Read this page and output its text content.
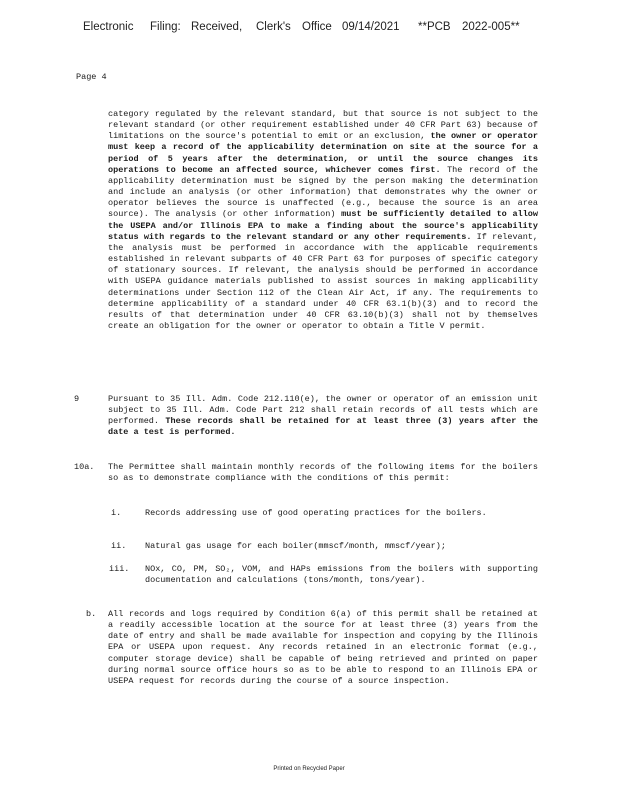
Electronic Filing: Received, Clerk's Office 09/14/2021 **PCB 2022-005**
Page 4

category regulated by the relevant standard, but that source is not subject to the relevant standard (or other requirement established under 40 CFR Part 63) because of limitations on the source's potential to emit or an exclusion, the owner or operator must keep a record of the applicability determination on site at the source for a period of 5 years after the determination, or until the source changes its operations to become an affected source, whichever comes first. The record of the applicability determination must be signed by the person making the determination and include an analysis (or other information) that demonstrates why the owner or operator believes the source is unaffected (e.g., because the source is an area source). The analysis (or other information) must be sufficiently detailed to allow the USEPA and/or Illinois EPA to make a finding about the source's applicability status with regards to the relevant standard or any other requirements. If relevant, the analysis must be performed in accordance with the applicable requirements established in relevant subparts of 40 CFR Part 63 for purposes of specific category of stationary sources. If relevant, the analysis should be performed in accordance with USEPA guidance materials published to assist sources in making applicability determinations under Section 112 of the Clean Air Act, if any. The requirements to determine applicability of a standard under 40 CFR 63.1(b)(3) and to record the results of that determination under 40 CFR 63.10(b)(3) shall not by themselves create an obligation for the owner or operator to obtain a Title V permit.

9	Pursuant to 35 Ill. Adm. Code 212.110(e), the owner or operator of an emission unit subject to 35 Ill. Adm. Code Part 212 shall retain records of all tests which are performed. These records shall be retained for at least three (3) years after the date a test is performed.

10a. The Permittee shall maintain monthly records of the following items for the boilers so as to demonstrate compliance with the conditions of this permit:

i.	Records addressing use of good operating practices for the boilers.

ii. Natural gas usage for each boiler(mmscf/month, mmscf/year);

iii. NOx, CO, PM, SO₂, VOM, and HAPs emissions from the boilers with supporting documentation and calculations (tons/month, tons/year).

b. All records and logs required by Condition 6(a) of this permit shall be retained at a readily accessible location at the source for at least three (3) years from the date of entry and shall be made available for inspection and copying by the Illinois EPA or USEPA upon request. Any records retained in an electronic format (e.g., computer storage device) shall be capable of being retrieved and printed on paper during normal source office hours so as to be able to respond to an Illinois EPA or USEPA request for records during the course of a source inspection.

Printed on Recycled Paper
